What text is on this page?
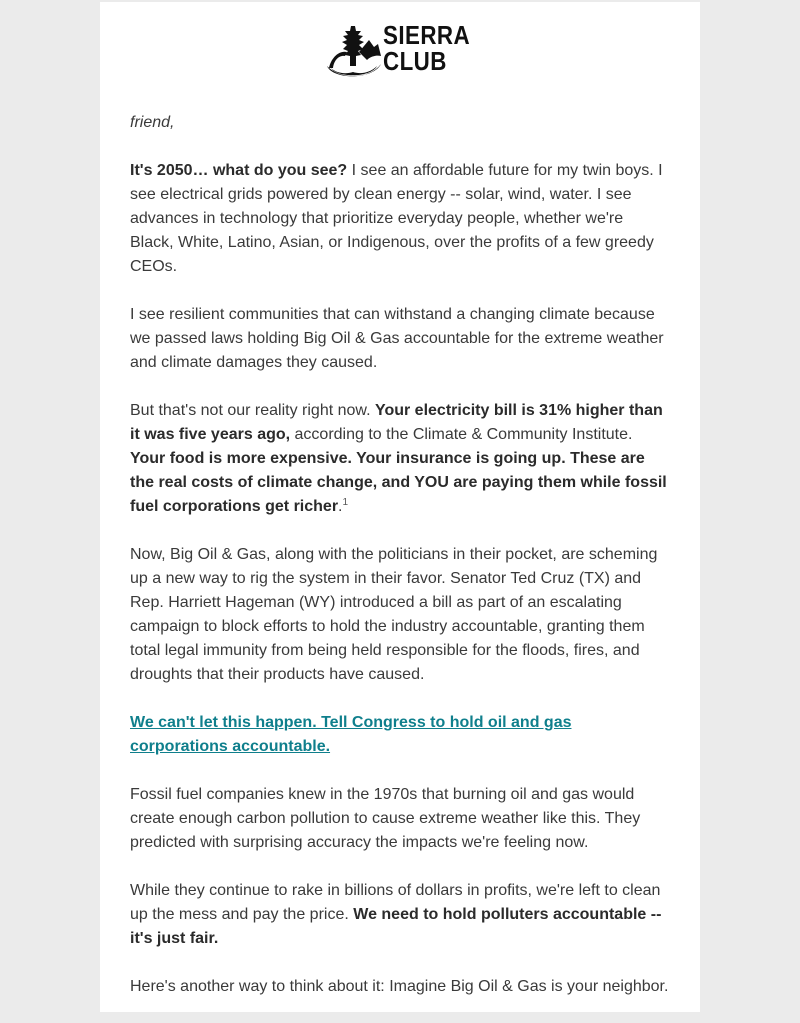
SIERRA
CLUB

friend,

It's 2050… what do you see? I see an affordable future for my twin boys. I see electrical grids powered by clean energy -- solar, wind, water. I see advances in technology that prioritize everyday people, whether we're Black, White, Latino, Asian, or Indigenous, over the profits of a few greedy CEOs.

I see resilient communities that can withstand a changing climate because we passed laws holding Big Oil & Gas accountable for the extreme weather and climate damages they caused.

But that's not our reality right now. Your electricity bill is 31% higher than it was five years ago, according to the Climate & Community Institute. Your food is more expensive. Your insurance is going up. These are the real costs of climate change, and YOU are paying them while fossil fuel corporations get richer.$^1$

Now, Big Oil & Gas, along with the politicians in their pocket, are scheming up a new way to rig the system in their favor. Senator Ted Cruz (TX) and Rep. Harriett Hageman (WY) introduced a bill as part of an escalating campaign to block efforts to hold the industry accountable, granting them total legal immunity from being held responsible for the floods, fires, and droughts that their products have caused.

We can't let this happen. Tell Congress to hold oil and gas corporations accountable.

Fossil fuel companies knew in the 1970s that burning oil and gas would create enough carbon pollution to cause extreme weather like this. They predicted with surprising accuracy the impacts we're feeling now.

While they continue to rake in billions of dollars in profits, we're left to clean up the mess and pay the price. We need to hold polluters accountable -- it's just fair.

Here's another way to think about it: Imagine Big Oil & Gas is your neighbor.
